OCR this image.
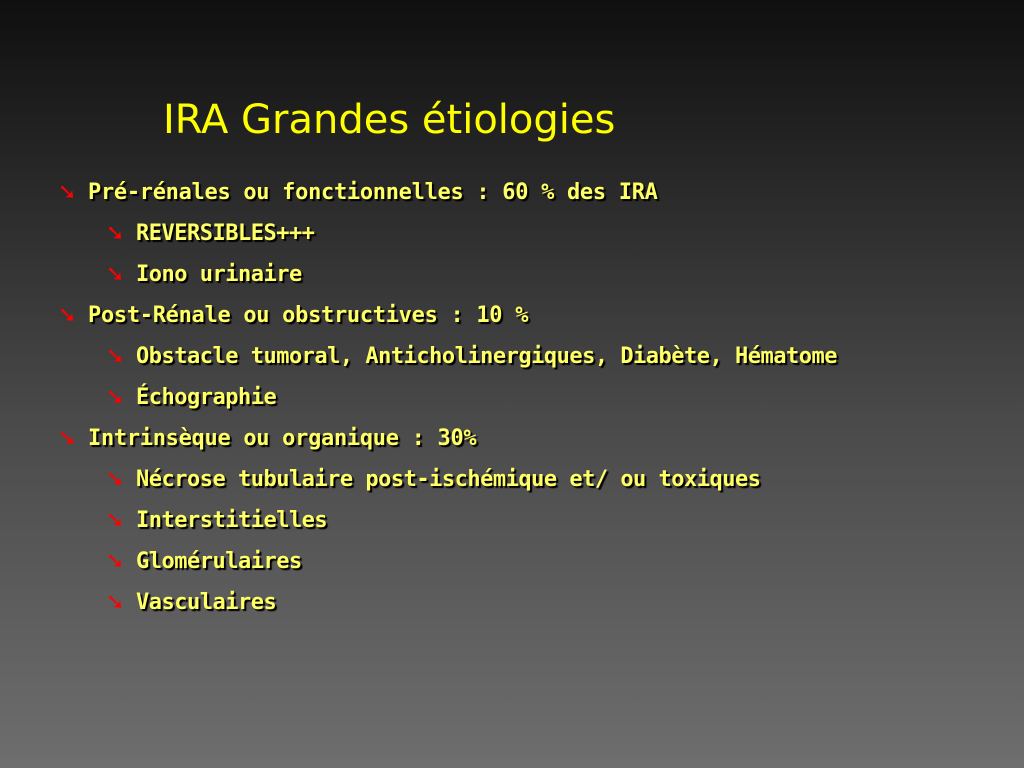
IRA Grandes étiologies
➘ Pré-rénales ou fonctionnelles : 60 % des IRA
➘ REVERSIBLES+++
➘ Iono urinaire
➘ Post-Rénale ou obstructives : 10 %
➘ Obstacle tumoral, Anticholinergiques, Diabète, Hématome
➘ Échographie
➘ Intrinsèque ou organique : 30%
➘ Nécrose tubulaire post-ischémique et/ ou toxiques
➘ Interstitielles
➘ Glomérulaires
➘ Vasculaires
